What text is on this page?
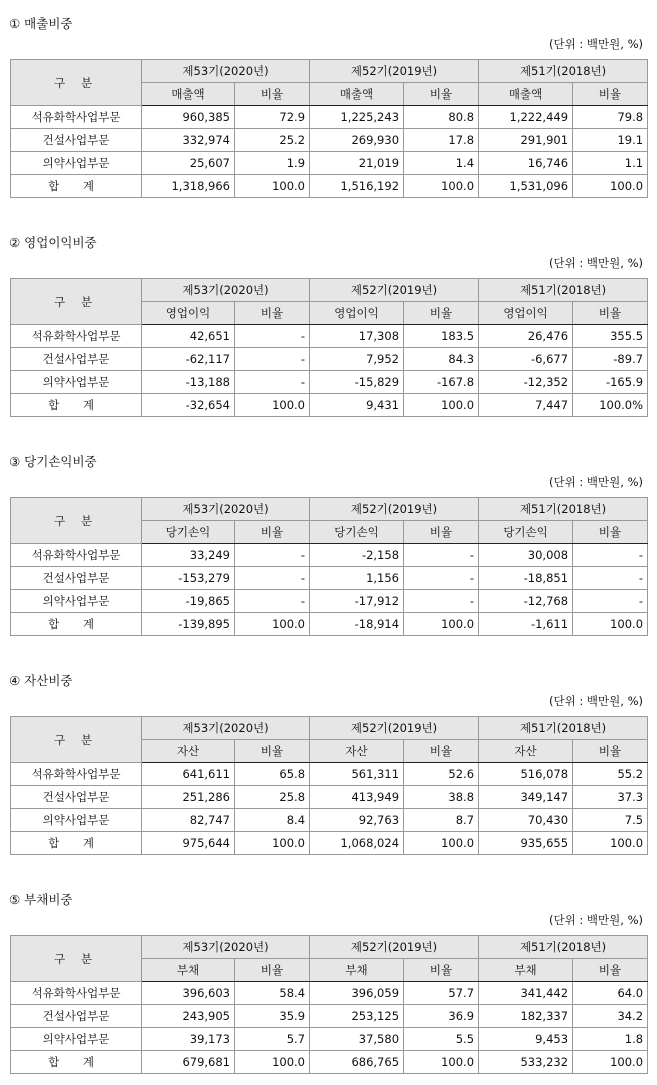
① 매출비중
(단위 : 백만원, %)
구 분	제53기(2020년)		제52기(2019년)		제51기(2018년)	
	매출액	비율	매출액	비율	매출액	비율
석유화학사업부문	960,385	72.9	1,225,243	80.8	1,222,449	79.8
건설사업부문	332,974	25.2	269,930	17.8	291,901	19.1
의약사업부문	25,607	1.9	21,019	1.4	16,746	1.1
합 계	1,318,966	100.0	1,516,192	100.0	1,531,096	100.0
② 영업이익비중
(단위 : 백만원, %)
구 분	제53기(2020년)		제52기(2019년)		제51기(2018년)	
	영업이익	비율	영업이익	비율	영업이익	비율
석유화학사업부문	42,651	-	17,308	183.5	26,476	355.5
건설사업부문	-62,117	-	7,952	84.3	-6,677	-89.7
의약사업부문	-13,188	-	-15,829	-167.8	-12,352	-165.9
합 계	-32,654	100.0	9,431	100.0	7,447	100.0%
③ 당기손익비중
(단위 : 백만원, %)
구 분	제53기(2020년)		제52기(2019년)		제51기(2018년)	
	당기손익	비율	당기손익	비율	당기손익	비율
석유화학사업부문	33,249	-	-2,158	-	30,008	-
건설사업부문	-153,279	-	1,156	-	-18,851	-
의약사업부문	-19,865	-	-17,912	-	-12,768	-
합 계	-139,895	100.0	-18,914	100.0	-1,611	100.0
④ 자산비중
(단위 : 백만원, %)
구 분	제53기(2020년)		제52기(2019년)		제51기(2018년)	
	자산	비율	자산	비율	자산	비율
석유화학사업부문	641,611	65.8	561,311	52.6	516,078	55.2
건설사업부문	251,286	25.8	413,949	38.8	349,147	37.3
의약사업부문	82,747	8.4	92,763	8.7	70,430	7.5
합 계	975,644	100.0	1,068,024	100.0	935,655	100.0
⑤ 부채비중
(단위 : 백만원, %)
구 분	제53기(2020년)		제52기(2019년)		제51기(2018년)	
	부채	비율	부채	비율	부채	비율
석유화학사업부문	396,603	58.4	396,059	57.7	341,442	64.0
건설사업부문	243,905	35.9	253,125	36.9	182,337	34.2
의약사업부문	39,173	5.7	37,580	5.5	9,453	1.8
합 계	679,681	100.0	686,765	100.0	533,232	100.0
